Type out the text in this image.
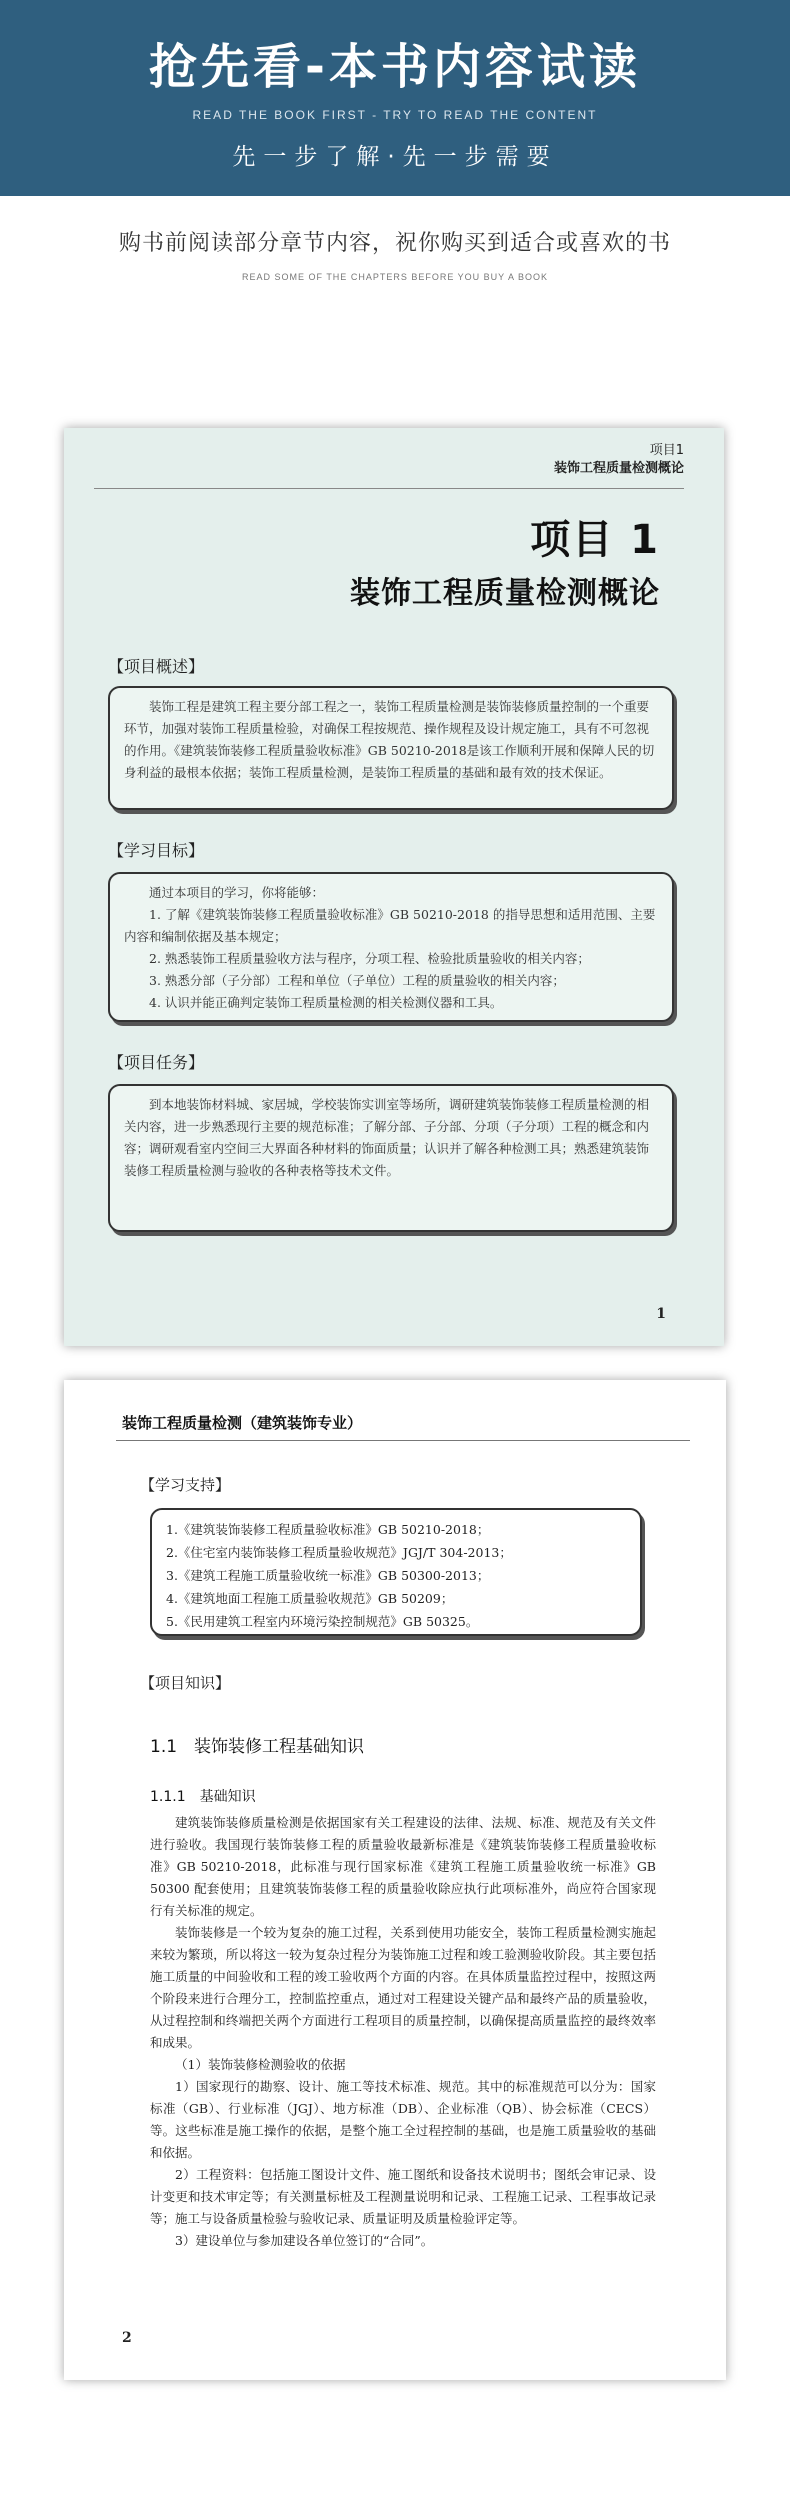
抢先看-本书内容试读
READ THE BOOK FIRST - TRY TO READ THE CONTENT
先一步了解·先一步需要
购书前阅读部分章节内容，祝你购买到适合或喜欢的书
READ SOME OF THE CHAPTERS BEFORE YOU BUY A BOOK
项目1
装饰工程质量检测概论
项目 1
装饰工程质量检测概论
【项目概述】

装饰工程是建筑工程主要分部工程之一，装饰工程质量检测是装饰装修质量控制的一个重要环节，加强对装饰工程质量检验，对确保工程按规范、操作规程及设计规定施工，具有不可忽视的作用。《建筑装饰装修工程质量验收标准》GB 50210-2018是该工作顺利开展和保障人民的切身利益的最根本依据；装饰工程质量检测，是装饰工程质量的基础和最有效的技术保证。

【学习目标】

通过本项目的学习，你将能够：

1. 了解《建筑装饰装修工程质量验收标准》GB 50210-2018 的指导思想和适用范围、主要内容和编制依据及基本规定；

2. 熟悉装饰工程质量验收方法与程序，分项工程、检验批质量验收的相关内容；

3. 熟悉分部（子分部）工程和单位（子单位）工程的质量验收的相关内容；

4. 认识并能正确判定装饰工程质量检测的相关检测仪器和工具。

【项目任务】

到本地装饰材料城、家居城，学校装饰实训室等场所，调研建筑装饰装修工程质量检测的相关内容，进一步熟悉现行主要的规范标准；了解分部、子分部、分项（子分项）工程的概念和内容；调研观看室内空间三大界面各种材料的饰面质量；认识并了解各种检测工具；熟悉建筑装饰装修工程质量检测与验收的各种表格等技术文件。

1
装饰工程质量检测（建筑装饰专业）
【学习支持】

1.《建筑装饰装修工程质量验收标准》GB 50210-2018；

2.《住宅室内装饰装修工程质量验收规范》JGJ/T 304-2013；

3.《建筑工程施工质量验收统一标准》GB 50300-2013；

4.《建筑地面工程施工质量验收规范》GB 50209；

5.《民用建筑工程室内环境污染控制规范》GB 50325。

【项目知识】
1.1　装饰装修工程基础知识
1.1.1　基础知识

建筑装饰装修质量检测是依据国家有关工程建设的法律、法规、标准、规范及有关文件进行验收。我国现行装饰装修工程的质量验收最新标准是《建筑装饰装修工程质量验收标准》GB 50210-2018，此标准与现行国家标准《建筑工程施工质量验收统一标准》GB 50300 配套使用；且建筑装饰装修工程的质量验收除应执行此项标准外，尚应符合国家现行有关标准的规定。

装饰装修是一个较为复杂的施工过程，关系到使用功能安全，装饰工程质量检测实施起来较为繁琐，所以将这一较为复杂过程分为装饰施工过程和竣工验测验收阶段。其主要包括施工质量的中间验收和工程的竣工验收两个方面的内容。在具体质量监控过程中，按照这两个阶段来进行合理分工，控制监控重点，通过对工程建设关键产品和最终产品的质量验收，从过程控制和终端把关两个方面进行工程项目的质量控制，以确保提高质量监控的最终效率和成果。

（1）装饰装修检测验收的依据

1）国家现行的勘察、设计、施工等技术标准、规范。其中的标准规范可以分为：国家标准（GB）、行业标准（JGJ）、地方标准（DB）、企业标准（QB）、协会标准（CECS）等。这些标准是施工操作的依据，是整个施工全过程控制的基础，也是施工质量验收的基础和依据。

2）工程资料：包括施工图设计文件、施工图纸和设备技术说明书；图纸会审记录、设计变更和技术审定等；有关测量标桩及工程测量说明和记录、工程施工记录、工程事故记录等；施工与设备质量检验与验收记录、质量证明及质量检验评定等。

3）建设单位与参加建设各单位签订的“合同”。

2
